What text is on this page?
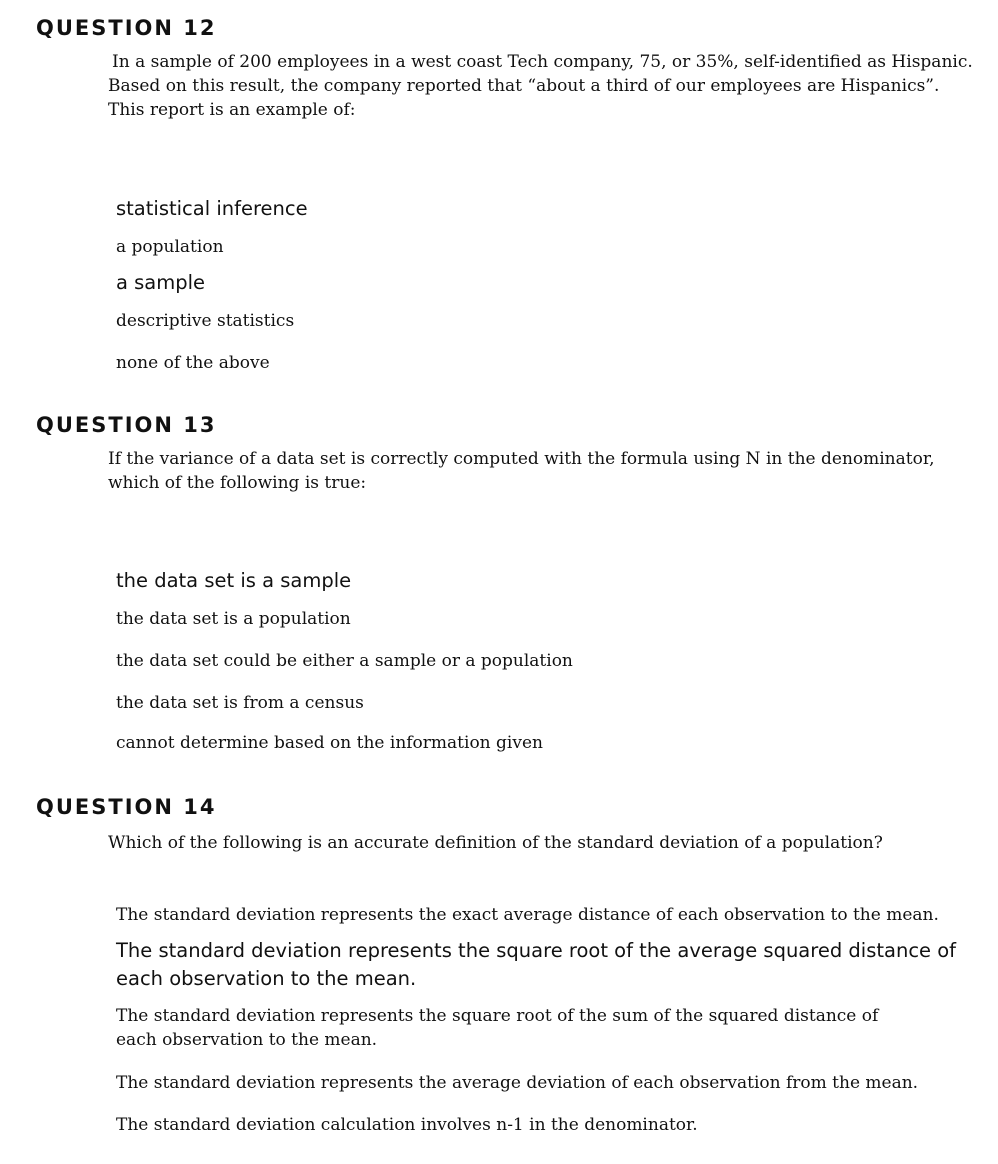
QUESTION 12

In a sample of 200 employees in a west coast Tech company, 75, or 35%, self-identified as Hispanic. Based on this result, the company reported that “about a third of our employees are Hispanics”. This report is an example of:

statistical inference
a population
a sample
descriptive statistics
none of the above
QUESTION 13

If the variance of a data set is correctly computed with the formula using N in the denominator, which of the following is true:

the data set is a sample
the data set is a population
the data set could be either a sample or a population
the data set is from a census
cannot determine based on the information given
QUESTION 14

Which of the following is an accurate definition of the standard deviation of a population?

The standard deviation represents the exact average distance of each observation to the mean.
The standard deviation represents the square root of the average squared distance of each observation to the mean.
The standard deviation represents the square root of the sum of the squared distance of each observation to the mean.
The standard deviation represents the average deviation of each observation from the mean.
The standard deviation calculation involves n-1 in the denominator.
